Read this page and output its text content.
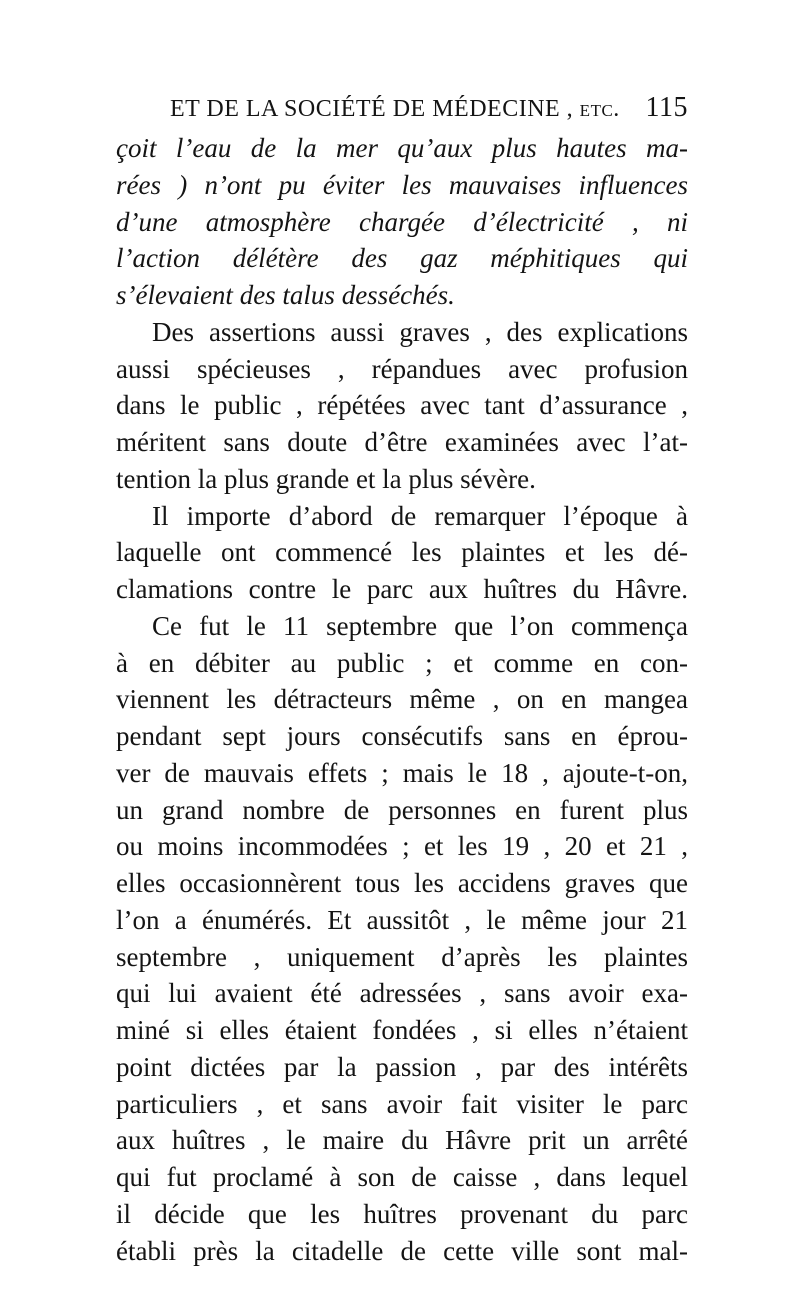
ET DE LA SOCIÉTÉ DE MÉDECINE , etc. 115
çoit l’eau de la mer qu’aux plus hautes ma-
rées ) n’ont pu éviter les mauvaises influences
d’une atmosphère chargée d’électricité , ni
l’action délétère des gaz méphitiques qui
s’élevaient des talus desséchés.
Des assertions aussi graves , des explications
aussi spécieuses , répandues avec profusion
dans le public , répétées avec tant d’assurance ,
méritent sans doute d’être examinées avec l’at-
tention la plus grande et la plus sévère.
Il importe d’abord de remarquer l’époque à
laquelle ont commencé les plaintes et les dé-
clamations contre le parc aux huîtres du Hâvre.
Ce fut le 11 septembre que l’on commença
à en débiter au public ; et comme en con-
viennent les détracteurs même , on en mangea
pendant sept jours consécutifs sans en éprou-
ver de mauvais effets ; mais le 18 , ajoute-t-on,
un grand nombre de personnes en furent plus
ou moins incommodées ; et les 19 , 20 et 21 ,
elles occasionnèrent tous les accidens graves que
l’on a énumérés. Et aussitôt , le même jour 21
septembre , uniquement d’après les plaintes
qui lui avaient été adressées , sans avoir exa-
miné si elles étaient fondées , si elles n’étaient
point dictées par la passion , par des intérêts
particuliers , et sans avoir fait visiter le parc
aux huîtres , le maire du Hâvre prit un arrêté
qui fut proclamé à son de caisse , dans lequel
il décide que les huîtres provenant du parc
établi près la citadelle de cette ville sont mal-
